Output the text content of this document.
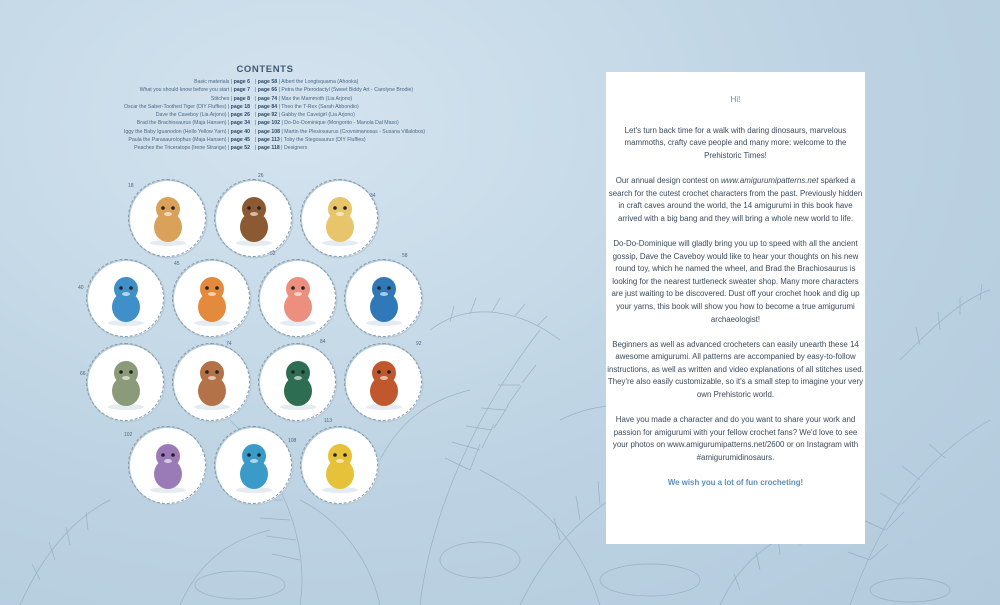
CONTENTS
Basic materials | page 6
What you should know before you start | page 7
Stitches | page 8
Oscar the Saber-Toothed Tiger (DIY Fluffies) | page 18
Dave the Caveboy (Lia Arjono) | page 26
Brad the Brachiosaurus (Maja Hansen) | page 34
Iggy the Baby Iguanodon (Hello Yellow Yarn) | page 40
Paula the Parasaurolophus (Maja Hansen) | page 45
Peaches the Triceratops (Irene Strange) | page 52
| page 58 | Albert the Longisquama (Ahooka)
| page 66 | Petra the Pterodactyl (Sweet Biddy Art - Carolyne Brodie)
| page 74 | Max the Mammoth (Lia Arjono)
| page 84 | Theo the T-Rex (Sarah Abbondio)
| page 92 | Gabby the Caveigirl (Lia Arjono)
| page 102 | Do-Do-Dominique (Mongorito - Manola Dal Maso)
| page 108 | Martin the Plesiosaurus (Crovnimanosas - Susana Villalobos)
| page 113 | Toby the Stegosaurus (DIY Fluffies)
| page 118 | Designers
18
26
34
40
45
52	58
66
74	84	92
102
108
113

Hi!

Let's turn back time for a walk with daring dinosaurs, marvelous mammoths, crafty cave people and many more: welcome to the Prehistoric Times!

Our annual design contest on www.amigurumipatterns.net sparked a search for the cutest crochet characters from the past. Previously hidden in craft caves around the world, the 14 amigurumi in this book have arrived with a big bang and they will bring a whole new world to life.

Do-Do-Dominique will gladly bring you up to speed with all the ancient gossip, Dave the Caveboy would like to hear your thoughts on his new round toy, which he named the wheel, and Brad the Brachiosaurus is looking for the nearest turtleneck sweater shop. Many more characters are just waiting to be discovered. Dust off your crochet hook and dig up your yarns, this book will show you how to become a true amigurumi archaeologist!

Beginners as well as advanced crocheters can easily unearth these 14 awesome amigurumi. All patterns are accompanied by easy-to-follow instructions, as well as written and video explanations of all stitches used. They're also easily customizable, so it's a small step to imagine your very own Prehistoric world.

Have you made a character and do you want to share your work and passion for amigurumi with your fellow crochet fans? We'd love to see your photos on www.amigurumipatterns.net/2600 or on Instagram with #amigurumidinosaurs.

We wish you a lot of fun crocheting!
